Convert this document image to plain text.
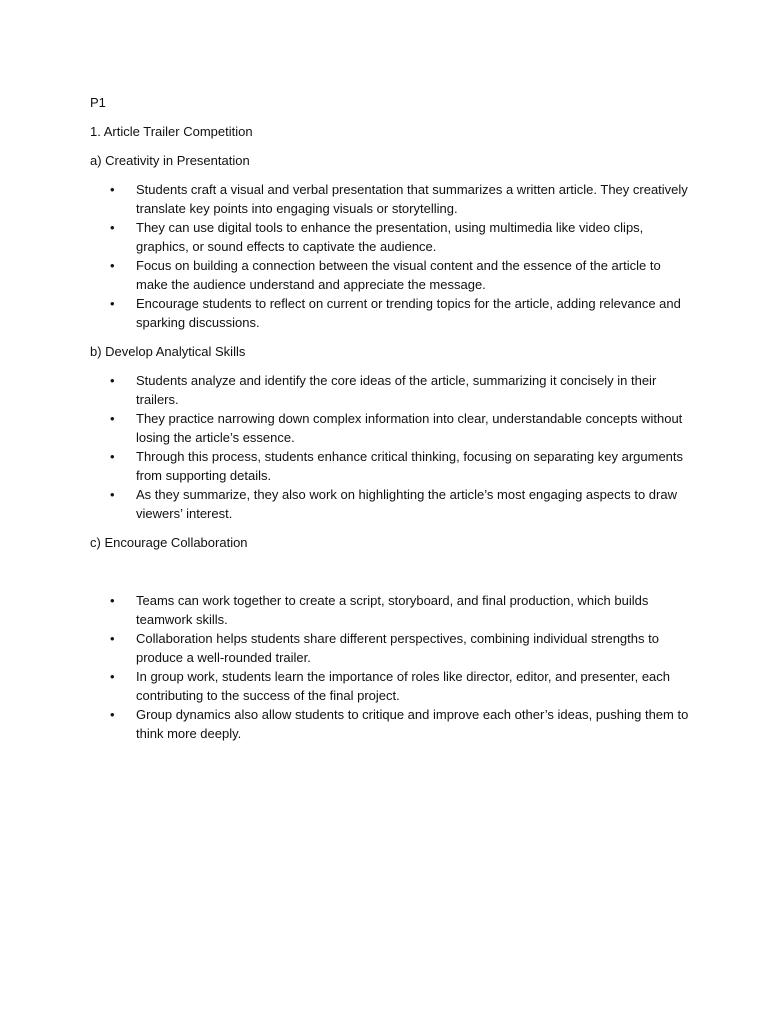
P1

1. Article Trailer Competition

a) Creativity in Presentation

• Students craft a visual and verbal presentation that summarizes a written article. They creatively translate key points into engaging visuals or storytelling.
• They can use digital tools to enhance the presentation, using multimedia like video clips, graphics, or sound effects to captivate the audience.
• Focus on building a connection between the visual content and the essence of the article to make the audience understand and appreciate the message.
• Encourage students to reflect on current or trending topics for the article, adding relevance and sparking discussions.

b) Develop Analytical Skills

• Students analyze and identify the core ideas of the article, summarizing it concisely in their trailers.
• They practice narrowing down complex information into clear, understandable concepts without losing the article’s essence.
• Through this process, students enhance critical thinking, focusing on separating key arguments from supporting details.
• As they summarize, they also work on highlighting the article’s most engaging aspects to draw viewers’ interest.

c) Encourage Collaboration

• Teams can work together to create a script, storyboard, and final production, which builds teamwork skills.
• Collaboration helps students share different perspectives, combining individual strengths to produce a well-rounded trailer.
• In group work, students learn the importance of roles like director, editor, and presenter, each contributing to the success of the final project.
• Group dynamics also allow students to critique and improve each other’s ideas, pushing them to think more deeply.
